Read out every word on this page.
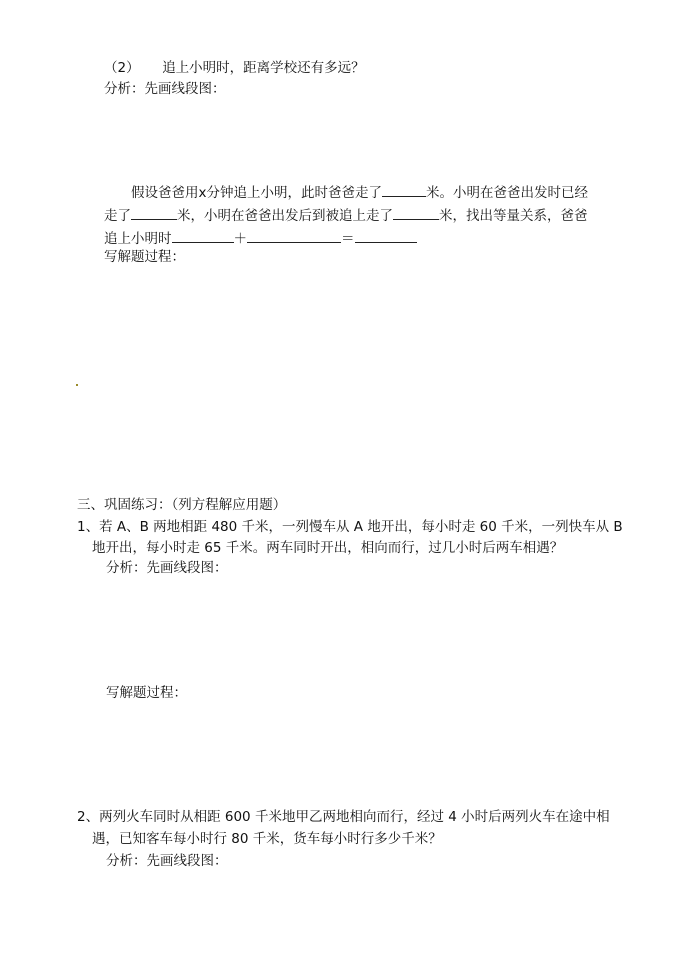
（2） 追上小明时，距离学校还有多远？
分析：先画线段图：
假设爸爸用x分钟追上小明，此时爸爸走了	米。小明在爸爸出发时已经
走了	米，小明在爸爸出发后到被追上走了	米，找出等量关系，爸爸
追上小明时	＋	＝
写解题过程：
三、巩固练习：（列方程解应用题）
1、若 A、B 两地相距 480 千米，一列慢车从 A 地开出，每小时走 60 千米，一列快车从 B
地开出，每小时走 65 千米。两车同时开出，相向而行，过几小时后两车相遇？
分析：先画线段图：
写解题过程：
2、两列火车同时从相距 600 千米地甲乙两地相向而行，经过 4 小时后两列火车在途中相
遇，已知客车每小时行 80 千米，货车每小时行多少千米？
分析：先画线段图：
